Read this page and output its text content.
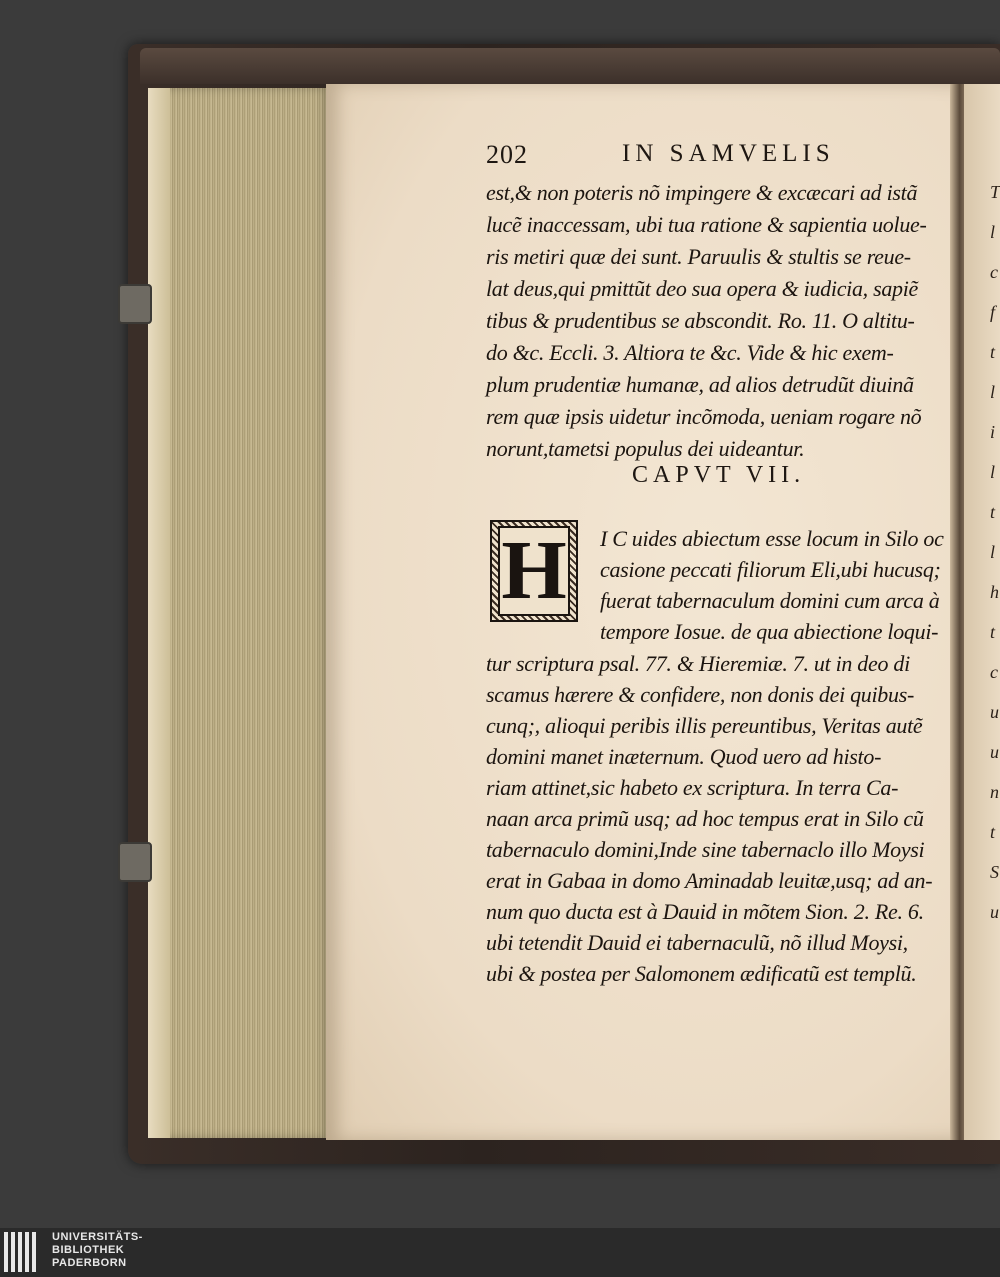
202	IN SAMVELIS
est,& non poteris nõ impingere & excæcari ad istã
lucẽ inaccessam, ubi tua ratione & sapientia uolue-
ris metiri quæ dei sunt. Paruulis & stultis se reue-
lat deus,qui pmittũt deo sua opera & iudicia, sapiẽ
tibus & prudentibus se abscondit. Ro. 11. O altitu-
do &c. Eccli. 3. Altiora te &c. Vide & hic exem-
plum prudentiæ humanæ, ad alios detrudũt diuinã
rem quæ ipsis uidetur incõmoda, ueniam rogare nõ
norunt,tametsi populus dei uideantur.
CAPVT VII.
H I C uides abiectum esse locum in Silo oc
casione peccati filiorum Eli,ubi hucusq;
fuerat tabernaculum domini cum arca à
tempore Iosue. de qua abiectione loqui-
tur scriptura psal. 77. & Hieremiæ. 7. ut in deo di
scamus hærere & confidere, non donis dei quibus-
cunq;, alioqui peribis illis pereuntibus, Veritas autẽ
domini manet inæternum. Quod uero ad histo-
riam attinet,sic habeto ex scriptura. In terra Ca-
naan arca primũ usq; ad hoc tempus erat in Silo cũ
tabernaculo domini,Inde sine tabernaclo illo Moysi
erat in Gabaa in domo Aminadab leuitæ,usq; ad an-
num quo ducta est à Dauid in mõtem Sion. 2. Re. 6.
ubi tetendit Dauid ei tabernaculũ, nõ illud Moysi,
ubi & postea per Salomonem ædificatũ est templũ.
T
l
c
f
t
l
i
l
t
l
h
t
c
u
u
n
t
S
u
UNIVERSITÄTS-
BIBLIOTHEK
PADERBORN
